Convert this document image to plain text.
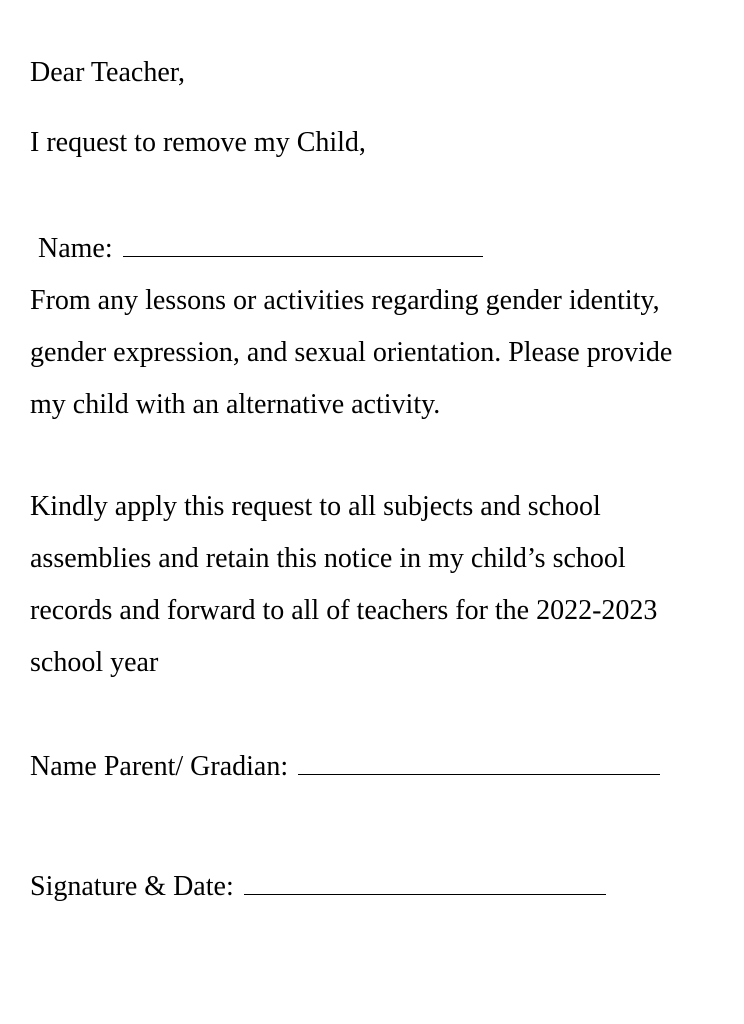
Dear Teacher,
I request to remove my Child,
Name:
From any lessons or activities regarding gender identity,
gender expression, and sexual orientation. Please provide
my child with an alternative activity.
Kindly apply this request to all subjects and school
assemblies and retain this notice in my child’s school
records and forward to all of teachers for the 2022-2023
school year
Name Parent/ Gradian:
Signature & Date:
